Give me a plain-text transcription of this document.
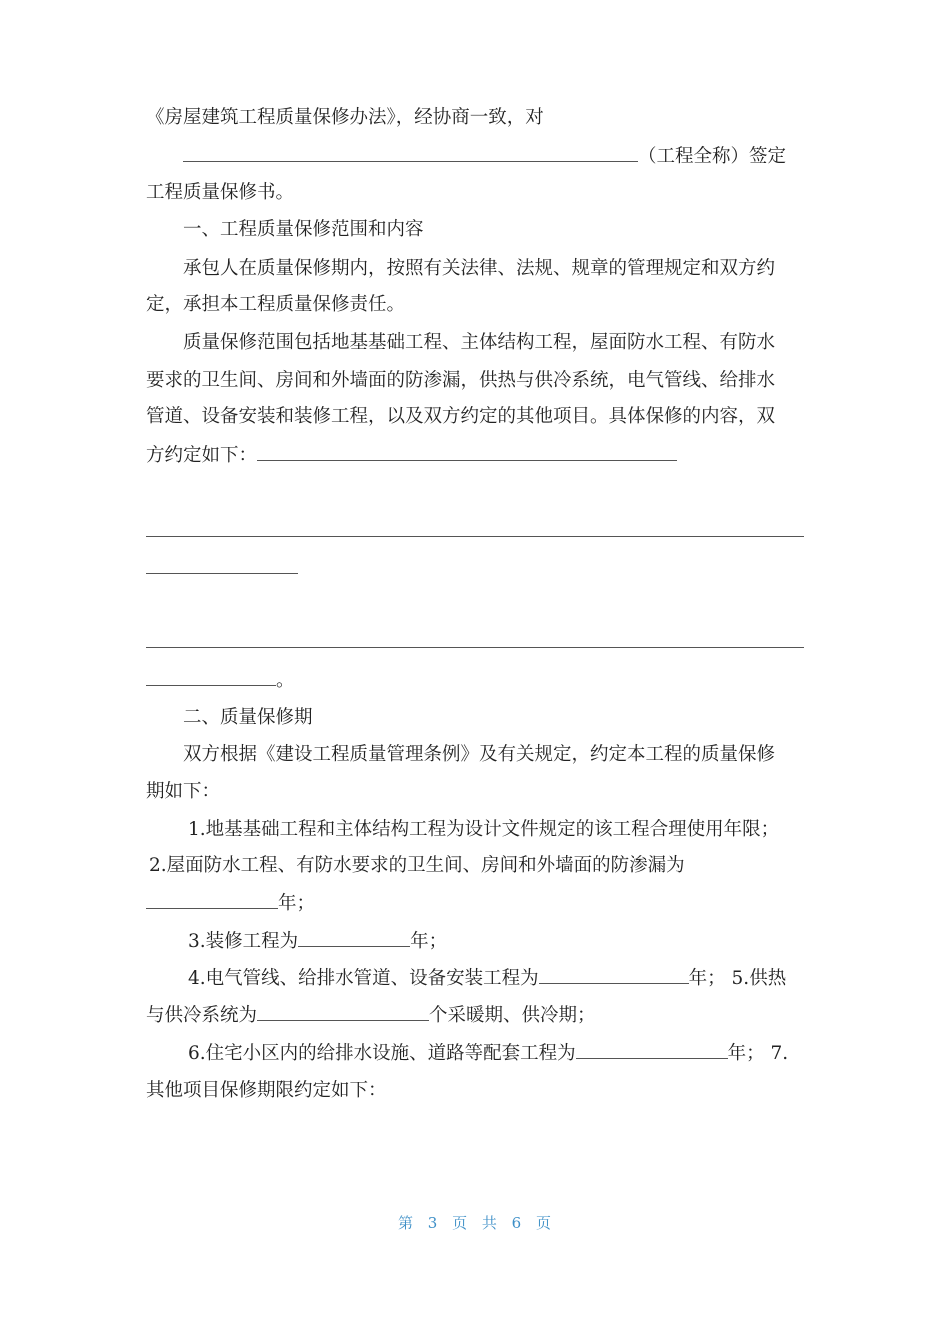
《房屋建筑工程质量保修办法》，经协商一致，对
（工程全称）签定
工程质量保修书。
一、工程质量保修范围和内容
承包人在质量保修期内，按照有关法律、法规、规章的管理规定和双方约
定，承担本工程质量保修责任。
质量保修范围包括地基基础工程、主体结构工程，屋面防水工程、有防水
要求的卫生间、房间和外墙面的防渗漏，供热与供冷系统，电气管线、给排水
管道、设备安装和装修工程，以及双方约定的其他项目。具体保修的内容，双
方约定如下：
。
二、质量保修期
双方根据《建设工程质量管理条例》及有关规定，约定本工程的质量保修
期如下：
1.地基基础工程和主体结构工程为设计文件规定的该工程合理使用年限；
2.屋面防水工程、有防水要求的卫生间、房间和外墙面的防渗漏为
年；
3.装修工程为	年；
4.电气管线、给排水管道、设备安装工程为	年； 5.供热
与供冷系统为	个采暖期、供冷期；
6.住宅小区内的给排水设施、道路等配套工程为	年； 7.
其他项目保修期限约定如下：
第 3 页 共 6 页
